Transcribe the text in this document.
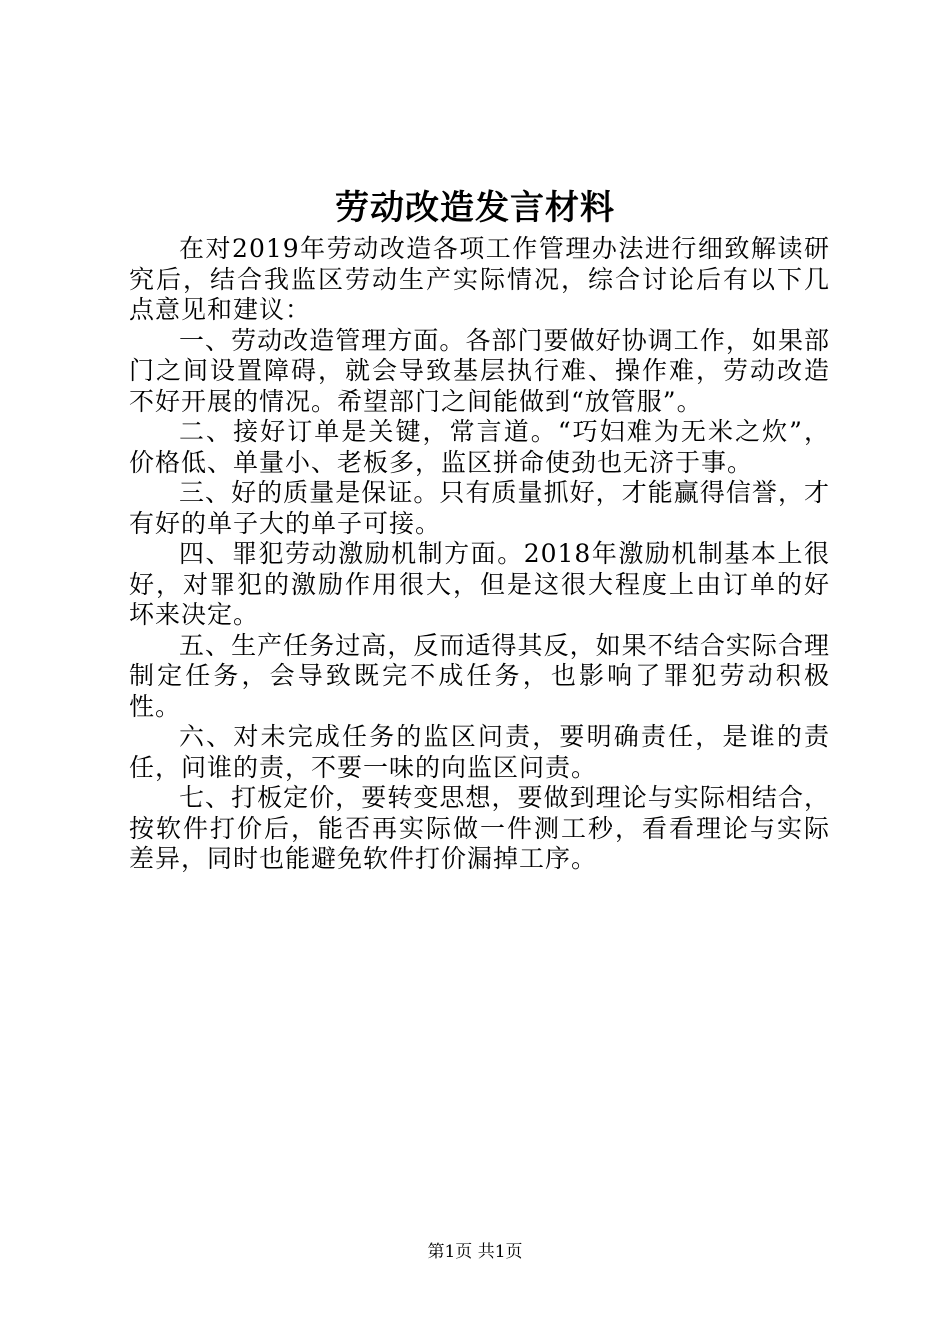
劳动改造发言材料

在对2019年劳动改造各项工作管理办法进行细致解读研究后，结合我监区劳动生产实际情况，综合讨论后有以下几点意见和建议：

一、劳动改造管理方面。各部门要做好协调工作，如果部门之间设置障碍，就会导致基层执行难、操作难，劳动改造不好开展的情况。希望部门之间能做到“放管服”。

二、接好订单是关键，常言道。“巧妇难为无米之炊”，价格低、单量小、老板多，监区拼命使劲也无济于事。

三、好的质量是保证。只有质量抓好，才能赢得信誉，才有好的单子大的单子可接。

四、罪犯劳动激励机制方面。2018年激励机制基本上很好，对罪犯的激励作用很大，但是这很大程度上由订单的好坏来决定。

五、生产任务过高，反而适得其反，如果不结合实际合理制定任务，会导致既完不成任务，也影响了罪犯劳动积极性。

六、对未完成任务的监区问责，要明确责任，是谁的责任，问谁的责，不要一味的向监区问责。

七、打板定价，要转变思想，要做到理论与实际相结合，按软件打价后，能否再实际做一件测工秒，看看理论与实际差异，同时也能避免软件打价漏掉工序。

第1页 共1页
